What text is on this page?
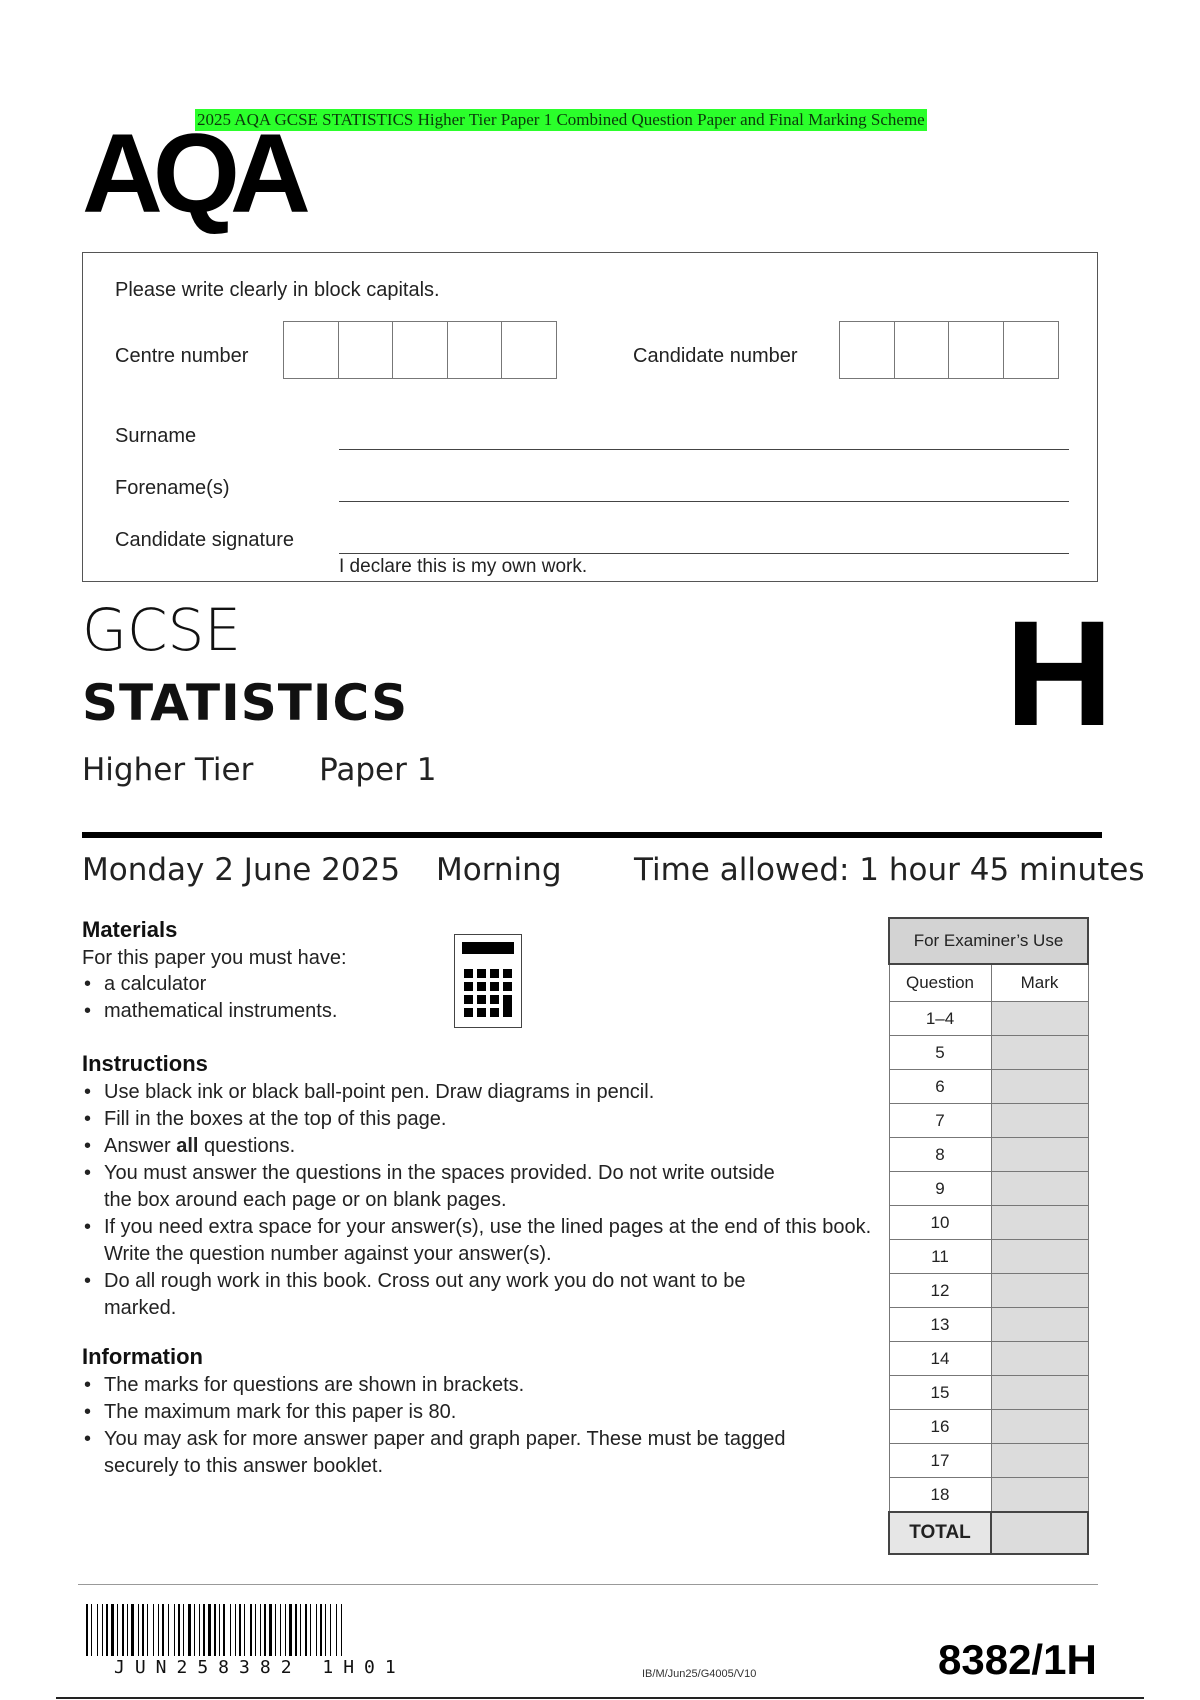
2025 AQA GCSE STATISTICS Higher Tier Paper 1 Combined Question Paper and Final Marking Scheme
AQA
Please write clearly in block capitals.
Centre number	Candidate number
Surname
Forename(s)
Candidate signature
I declare this is my own work.
GCSE
STATISTICS	H
Higher Tier Paper 1
Monday 2 June 2025 Morning Time allowed: 1 hour 45 minutes
Materials
For this paper you must have:
• a calculator
• mathematical instruments.
Instructions
• Use black ink or black ball-point pen. Draw diagrams in pencil.
• Fill in the boxes at the top of this page.
• Answer all questions.
• You must answer the questions in the spaces provided. Do not write outside the box around each page or on blank pages.
• If you need extra space for your answer(s), use the lined pages at the end of this book. Write the question number against your answer(s).
• Do all rough work in this book. Cross out any work you do not want to be marked.
Information
• The marks for questions are shown in brackets.
• The maximum mark for this paper is 80.
• You may ask for more answer paper and graph paper. These must be tagged securely to this answer booklet.
For Examiner’s Use	
Question	Mark
1–4	
5	
6	
7	
8	
9	
10	
11	
12	
13	
14	
15	
16	
17	
18	
TOTAL	
JUN258382 1H01	IB/M/Jun25/G4005/V10	8382/1H
